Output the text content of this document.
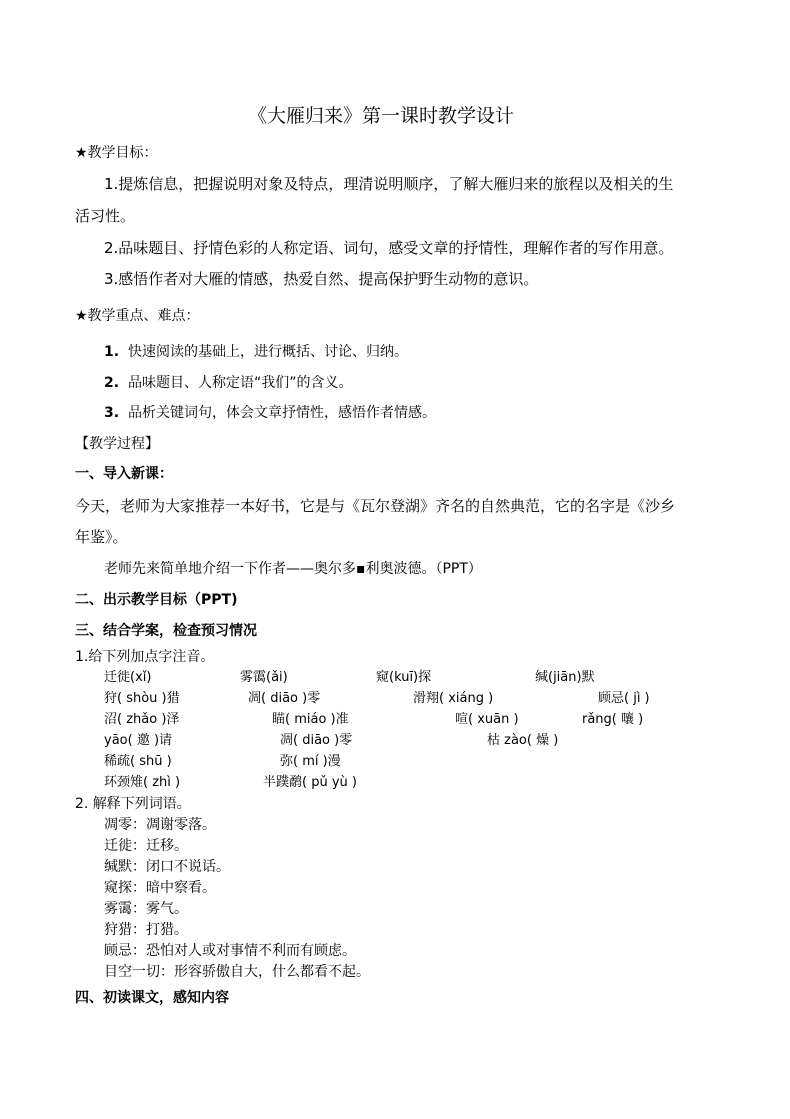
《大雁归来》第一课时教学设计
★教学目标：
1.提炼信息，把握说明对象及特点，理清说明顺序，了解大雁归来的旅程以及相关的生
活习性。
2.品味题目、抒情色彩的人称定语、词句，感受文章的抒情性，理解作者的写作用意。
3.感悟作者对大雁的情感，热爱自然、提高保护野生动物的意识。
★教学重点、难点：
1. 快速阅读的基础上，进行概括、讨论、归纳。
2. 品味题目、人称定语“我们”的含义。
3. 品析关键词句，体会文章抒情性，感悟作者情感。
【教学过程】
一、导入新课：
今天，老师为大家推荐一本好书，它是与《瓦尔登湖》齐名的自然典范，它的名字是《沙乡
年鉴》。
老师先来简单地介绍一下作者——奥尔多▪利奥波德。（PPT）
二、出示教学目标（PPT)
三、结合学案，检查预习情况
1.给下列加点字注音。
迁徙(xǐ)	雾霭(ǎi)	窥(kuī)探	缄(jiān)默
狩( shòu )猎	凋( diāo )零	滑翔( xiáng )	顾忌( jì )
沼( zhǎo )泽	瞄( miáo )准	喧( xuān )	rǎng( 嚷 )
yāo( 邀 )请	凋( diāo )零	枯 zào( 燥 )
稀疏( shū )	弥( mí )漫
环颈雉( zhì )	半蹼鹬( pǔ yù )
2. 解释下列词语。
凋零：凋谢零落。
迁徙：迁移。
缄默：闭口不说话。
窥探：暗中察看。
雾霭：雾气。
狩猎：打猎。
顾忌：恐怕对人或对事情不利而有顾虑。
目空一切：形容骄傲自大，什么都看不起。
四、初读课文，感知内容
